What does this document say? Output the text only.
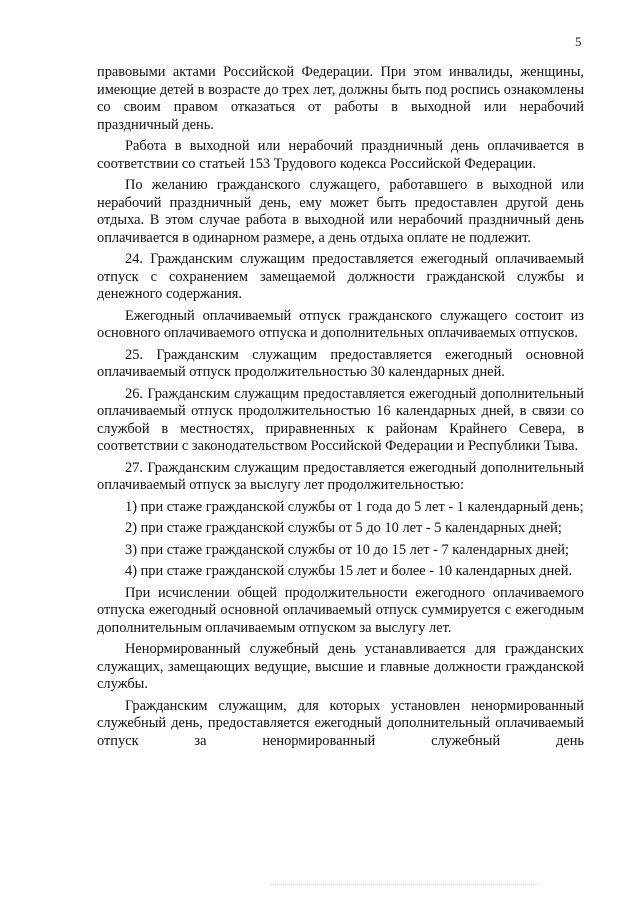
5

правовыми актами Российской Федерации. При этом инвалиды, женщины, имеющие детей в возрасте до трех лет, должны быть под роспись ознакомлены со своим правом отказаться от работы в выходной или нерабочий праздничный день.

Работа в выходной или нерабочий праздничный день оплачивается в соответствии со статьей 153 Трудового кодекса Российской Федерации.

По желанию гражданского служащего, работавшего в выходной или нерабочий праздничный день, ему может быть предоставлен другой день отдыха. В этом случае работа в выходной или нерабочий праздничный день оплачивается в одинарном размере, а день отдыха оплате не подлежит.

24. Гражданским служащим предоставляется ежегодный оплачиваемый отпуск с сохранением замещаемой должности гражданской службы и денежного содержания.

Ежегодный оплачиваемый отпуск гражданского служащего состоит из основного оплачиваемого отпуска и дополнительных оплачиваемых отпусков.

25. Гражданским служащим предоставляется ежегодный основной оплачиваемый отпуск продолжительностью 30 календарных дней.

26. Гражданским служащим предоставляется ежегодный дополнительный оплачиваемый отпуск продолжительностью 16 календарных дней, в связи со службой в местностях, приравненных к районам Крайнего Севера, в соответствии с законодательством Российской Федерации и Республики Тыва.

27. Гражданским служащим предоставляется ежегодный дополнительный оплачиваемый отпуск за выслугу лет продолжительностью:

1) при стаже гражданской службы от 1 года до 5 лет - 1 календарный день;

2) при стаже гражданской службы от 5 до 10 лет - 5 календарных дней;

3) при стаже гражданской службы от 10 до 15 лет - 7 календарных дней;

4) при стаже гражданской службы 15 лет и более - 10 календарных дней.

При исчислении общей продолжительности ежегодного оплачиваемого отпуска ежегодный основной оплачиваемый отпуск суммируется с ежегодным дополнительным оплачиваемым отпуском за выслугу лет.

Ненормированный служебный день устанавливается для гражданских служащих, замещающих ведущие, высшие и главные должности гражданской службы.

Гражданским служащим, для которых установлен ненормированный служебный день, предоставляется ежегодный дополнительный оплачиваемый отпуск за ненормированный служебный день
